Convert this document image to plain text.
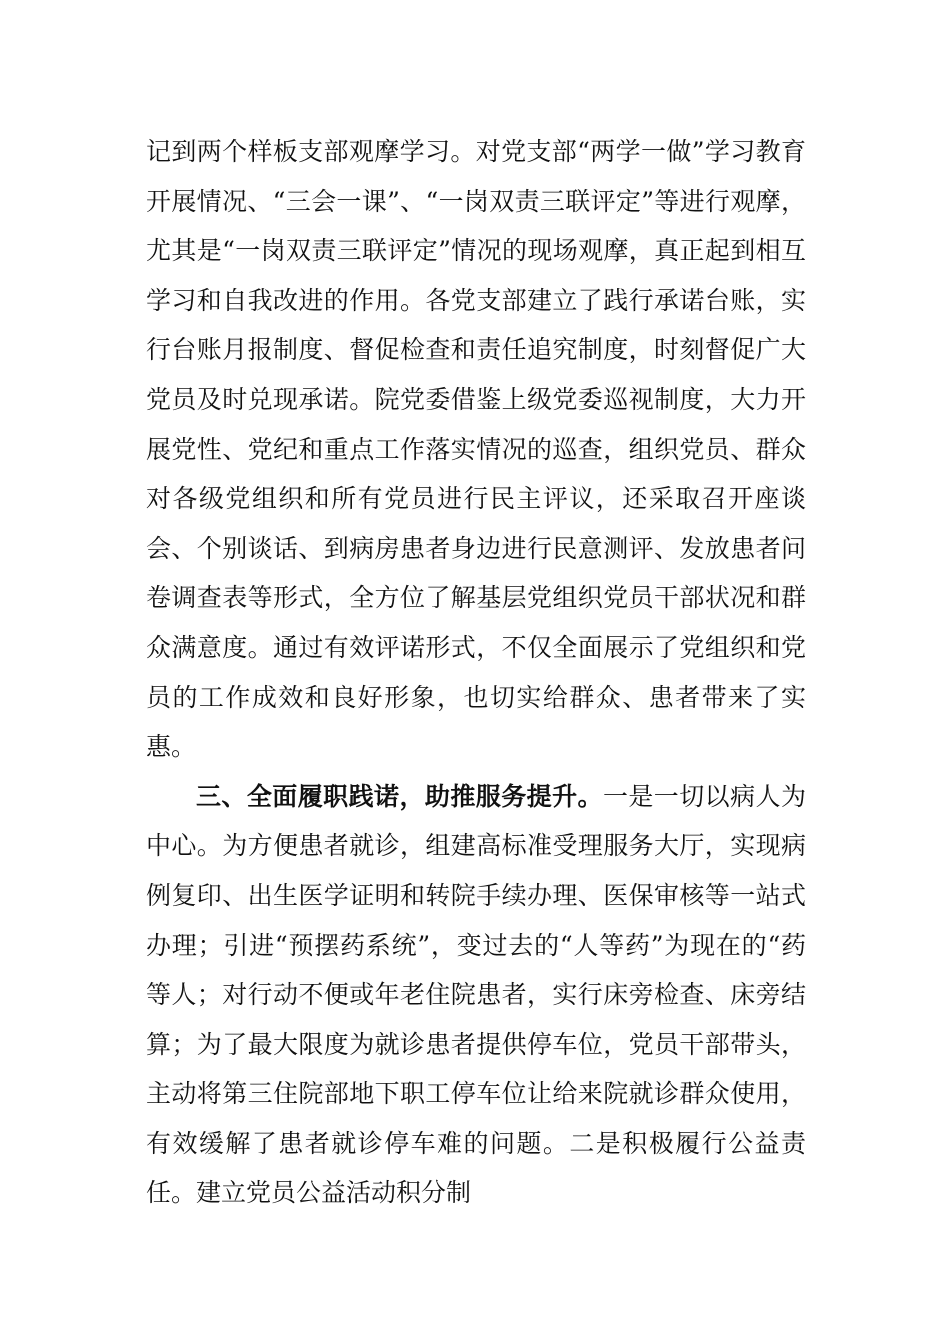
记到两个样板支部观摩学习。对党支部“两学一做”学习教育开展情况、“三会一课”、“一岗双责三联评定”等进行观摩，尤其是“一岗双责三联评定”情况的现场观摩，真正起到相互学习和自我改进的作用。各党支部建立了践行承诺台账，实行台账月报制度、督促检查和责任追究制度，时刻督促广大党员及时兑现承诺。院党委借鉴上级党委巡视制度，大力开展党性、党纪和重点工作落实情况的巡查，组织党员、群众对各级党组织和所有党员进行民主评议，还采取召开座谈会、个别谈话、到病房患者身边进行民意测评、发放患者问卷调查表等形式，全方位了解基层党组织党员干部状况和群众满意度。通过有效评诺形式，不仅全面展示了党组织和党员的工作成效和良好形象，也切实给群众、患者带来了实惠。

三、全面履职践诺，助推服务提升。一是一切以病人为中心。为方便患者就诊，组建高标准受理服务大厅，实现病例复印、出生医学证明和转院手续办理、医保审核等一站式办理；引进“预摆药系统”，变过去的“人等药”为现在的“药等人；对行动不便或年老住院患者，实行床旁检查、床旁结算；为了最大限度为就诊患者提供停车位，党员干部带头，主动将第三住院部地下职工停车位让给来院就诊群众使用，有效缓解了患者就诊停车难的问题。二是积极履行公益责任。建立党员公益活动积分制
